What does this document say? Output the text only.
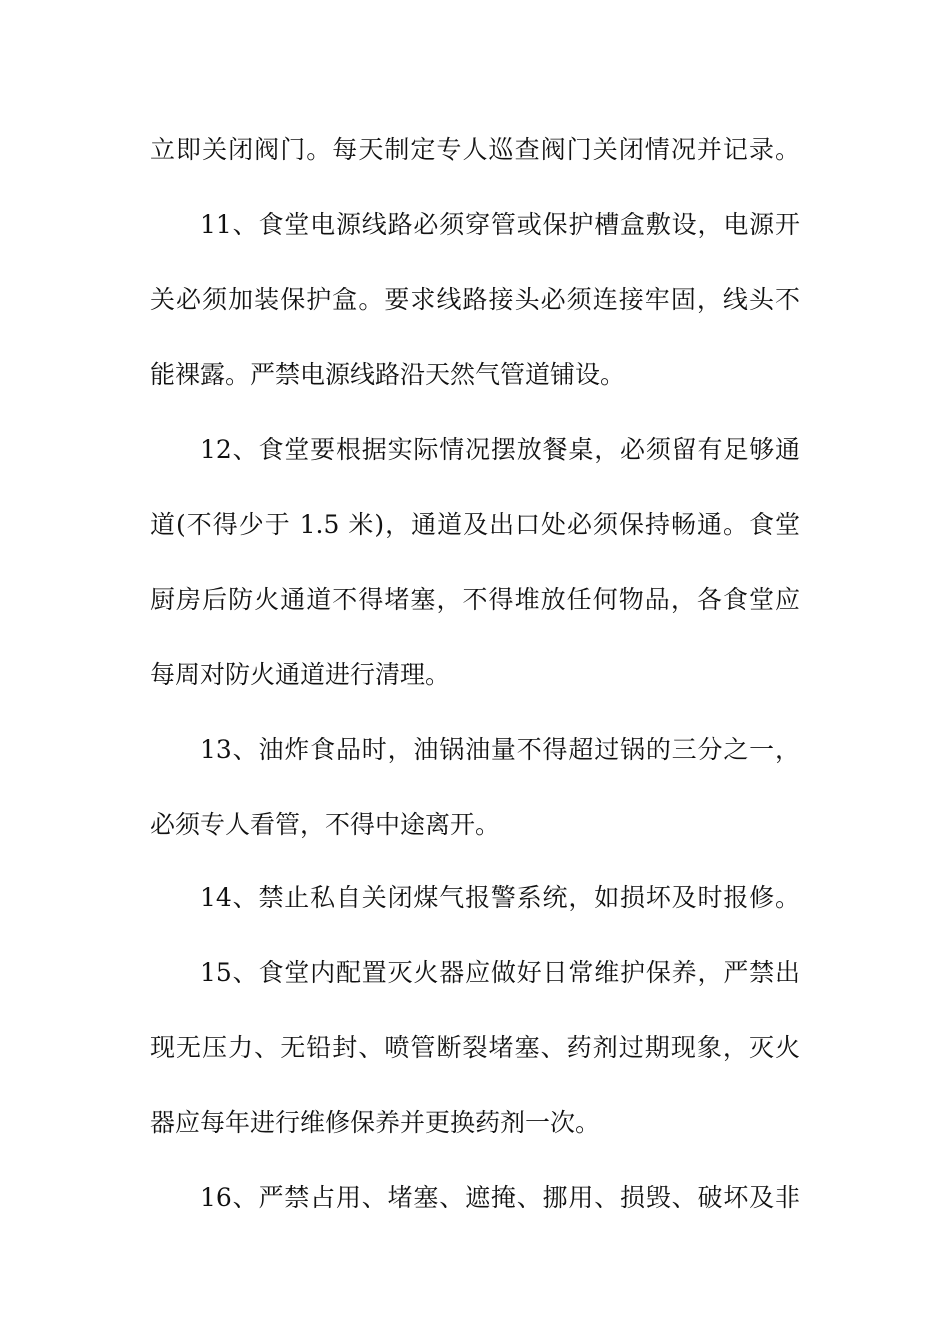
立即关闭阀门。每天制定专人巡查阀门关闭情况并记录。

11、食堂电源线路必须穿管或保护槽盒敷设，电源开

关必须加装保护盒。要求线路接头必须连接牢固，线头不

能裸露。严禁电源线路沿天然气管道铺设。

12、食堂要根据实际情况摆放餐桌，必须留有足够通

道(不得少于 1.5 米)，通道及出口处必须保持畅通。食堂

厨房后防火通道不得堵塞，不得堆放任何物品，各食堂应

每周对防火通道进行清理。

13、油炸食品时，油锅油量不得超过锅的三分之一，

必须专人看管，不得中途离开。

14、禁止私自关闭煤气报警系统，如损坏及时报修。

15、食堂内配置灭火器应做好日常维护保养，严禁出

现无压力、无铅封、喷管断裂堵塞、药剂过期现象，灭火

器应每年进行维修保养并更换药剂一次。

16、严禁占用、堵塞、遮掩、挪用、损毁、破坏及非
